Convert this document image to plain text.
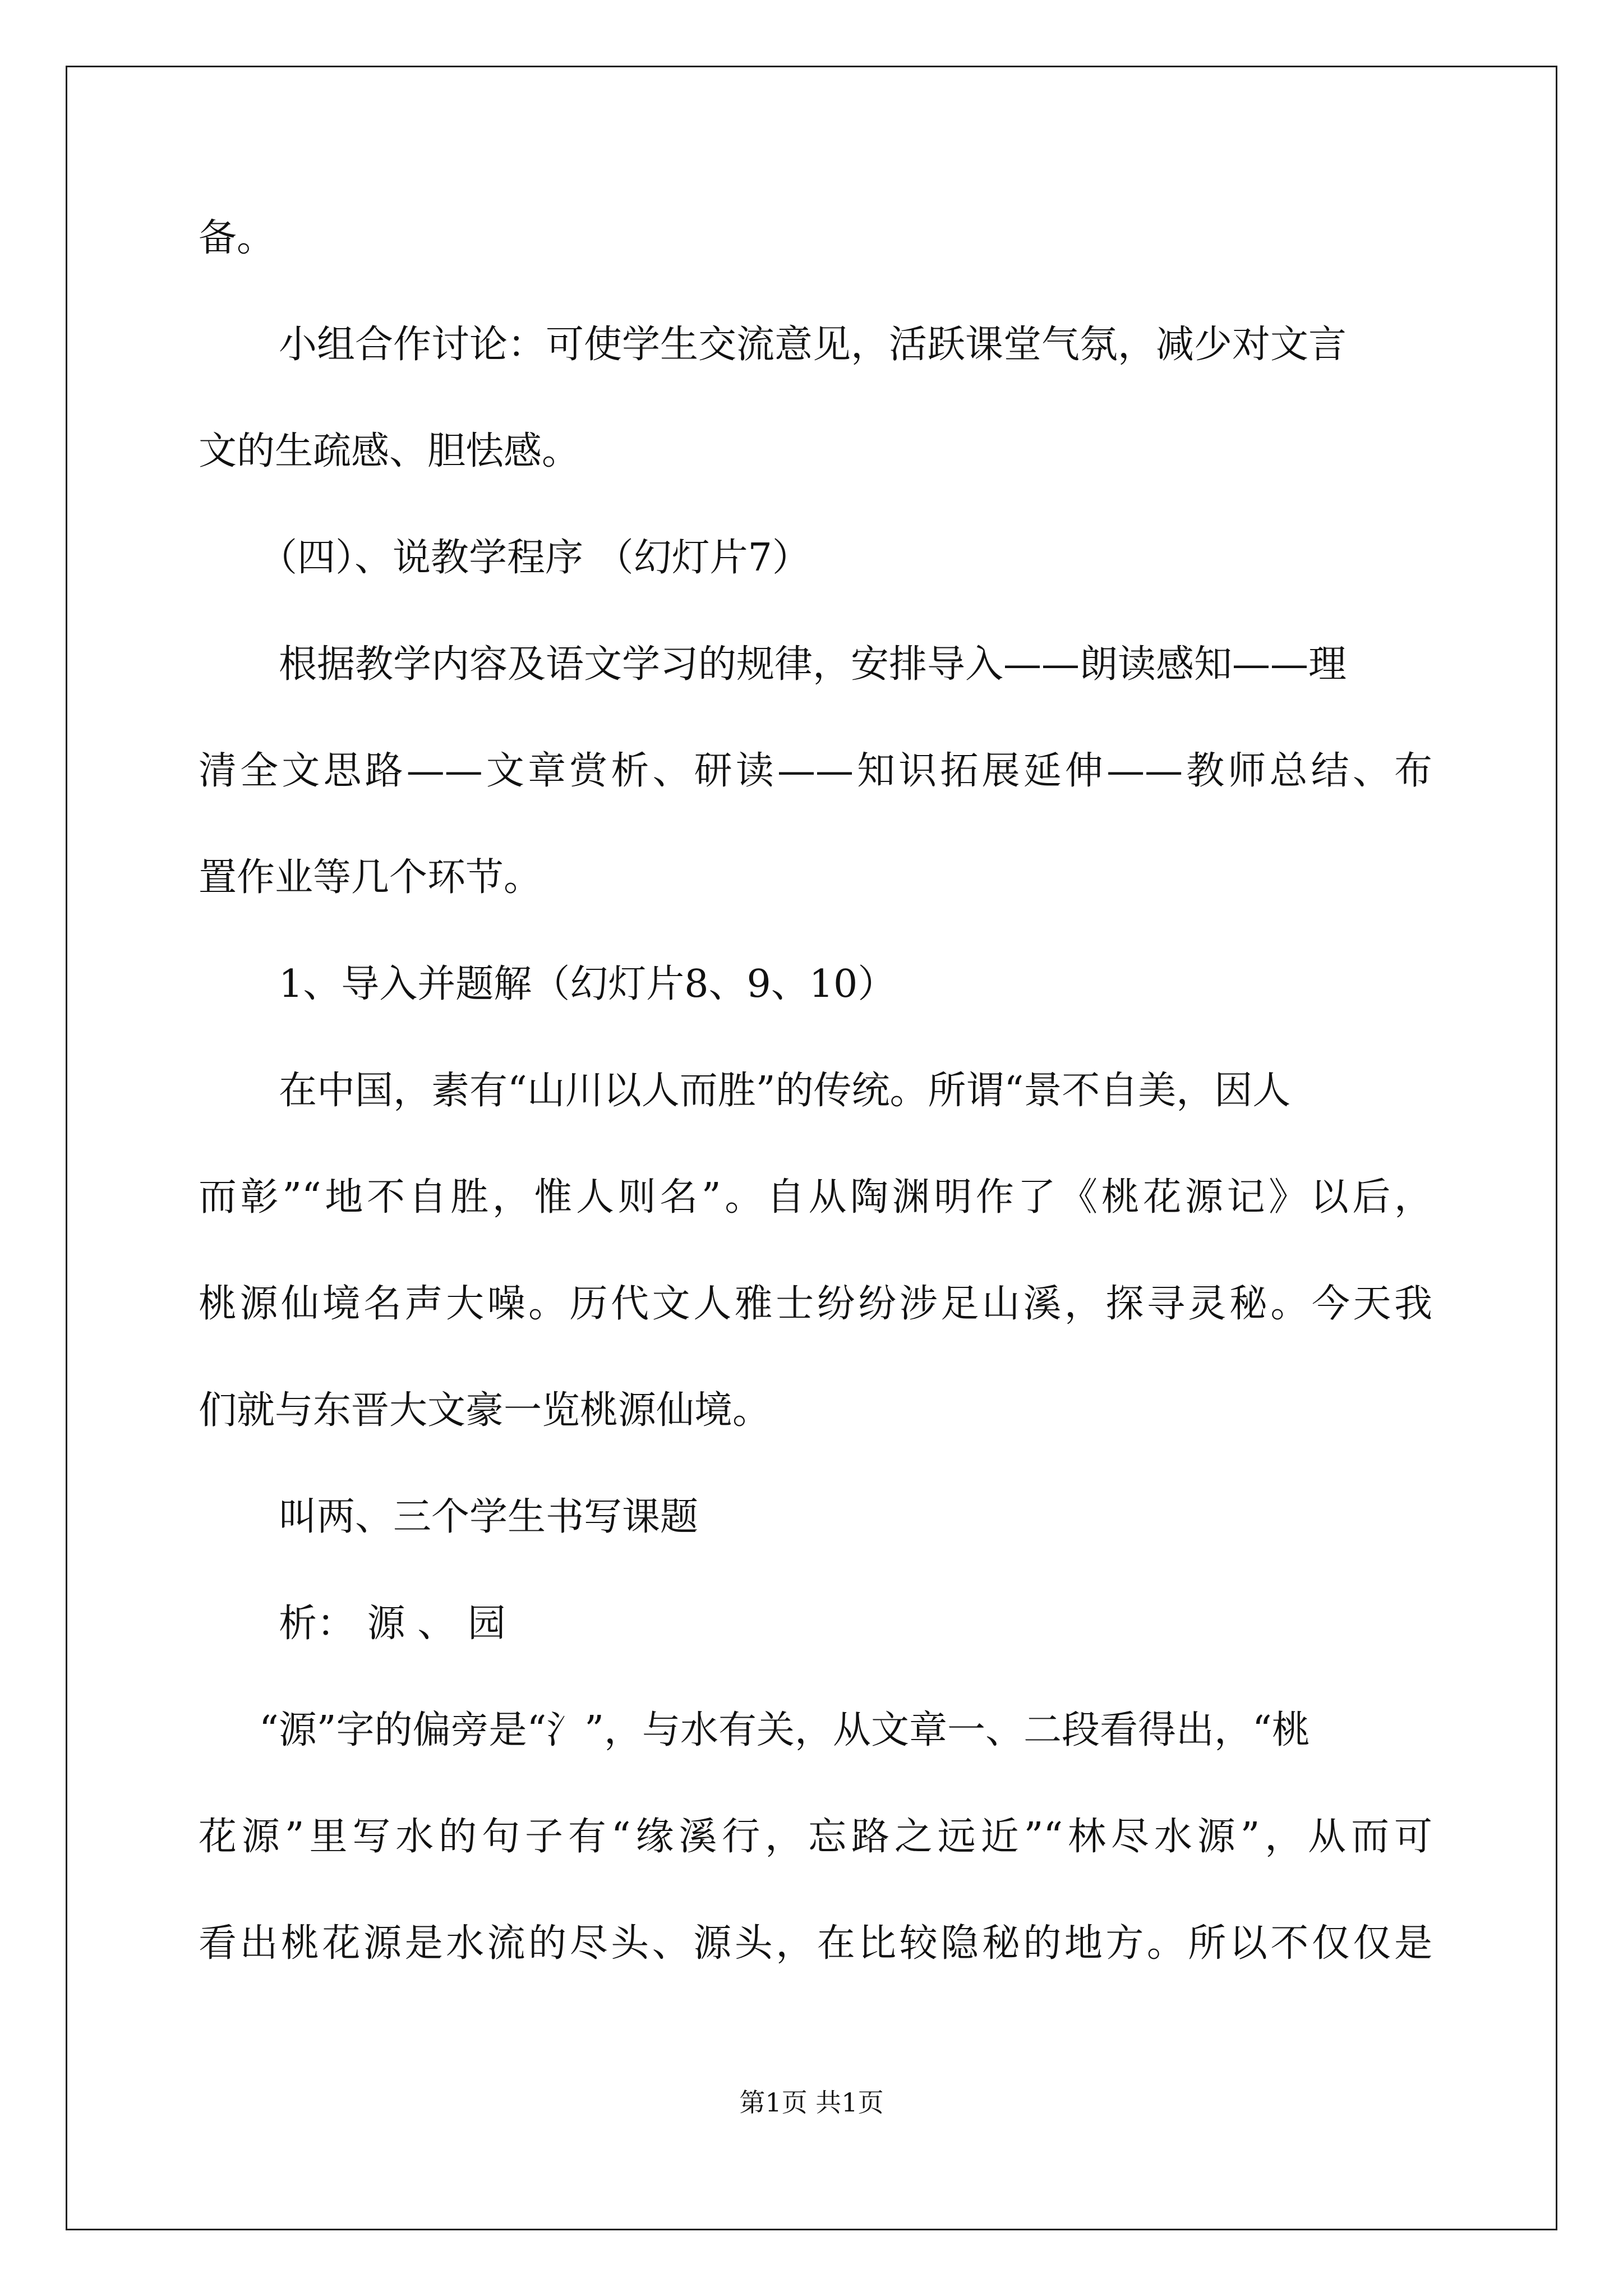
备。
小组合作讨论：可使学生交流意见，活跃课堂气氛，减少对文言
文的生疏感、胆怯感。
（四）、说教学程序 （幻灯片7）
根据教学内容及语文学习的规律，安排导入——朗读感知——理
清全文思路——文章赏析、研读——知识拓展延伸——教师总结、布
置作业等几个环节。
1、导入并题解（幻灯片8、9、10）
在中国，素有“山川以人而胜”的传统。所谓“景不自美，因人
而彰”“地不自胜，惟人则名”。自从陶渊明作了《桃花源记》以后，
桃源仙境名声大噪。历代文人雅士纷纷涉足山溪，探寻灵秘。今天我
们就与东晋大文豪一览桃源仙境。
叫两、三个学生书写课题
析： 源 、 园
“源”字的偏旁是“氵”，与水有关，从文章一、二段看得出，“桃
花源”里写水的句子有“缘溪行，忘路之远近”“林尽水源”，从而可
看出桃花源是水流的尽头、源头，在比较隐秘的地方。所以不仅仅是
第1页 共1页
